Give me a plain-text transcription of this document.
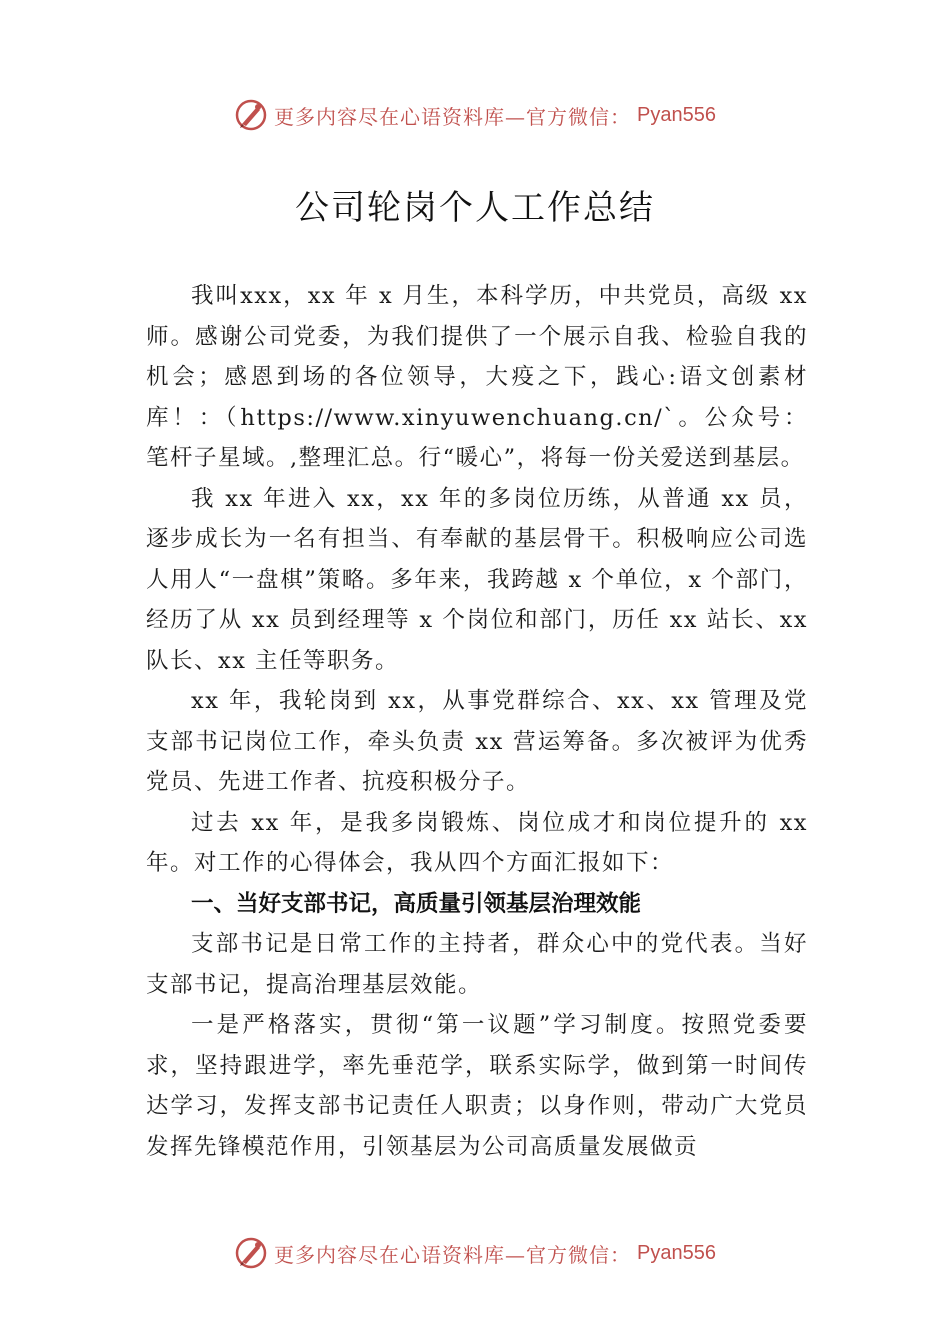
更多内容尽在心语资料库—官方微信： Pyan556
公司轮岗个人工作总结

我叫xxx，xx 年 x 月生，本科学历，中共党员，高级 xx 师。感谢公司党委，为我们提供了一个展示自我、检验自我的机会；感恩到场的各位领导，大疫之下，践心:语文创素材库！：（https://www.xinyuwenchuang.cn/`。公众号：笔杆子星域。,整理汇总。行“暖心”，将每一份关爱送到基层。

我 xx 年进入 xx，xx 年的多岗位历练，从普通 xx 员，逐步成长为一名有担当、有奉献的基层骨干。积极响应公司选人用人“一盘棋”策略。多年来，我跨越 x 个单位，x 个部门，经历了从 xx 员到经理等 x 个岗位和部门，历任 xx 站长、xx 队长、xx 主任等职务。

xx 年，我轮岗到 xx，从事党群综合、xx、xx 管理及党支部书记岗位工作，牵头负责 xx 营运筹备。多次被评为优秀党员、先进工作者、抗疫积极分子。

过去 xx 年，是我多岗锻炼、岗位成才和岗位提升的 xx 年。对工作的心得体会，我从四个方面汇报如下：

一、当好支部书记，高质量引领基层治理效能

支部书记是日常工作的主持者，群众心中的党代表。当好支部书记，提高治理基层效能。

一是严格落实，贯彻“第一议题”学习制度。按照党委要求，坚持跟进学，率先垂范学，联系实际学，做到第一时间传达学习，发挥支部书记责任人职责；以身作则，带动广大党员发挥先锋模范作用，引领基层为公司高质量发展做贡

更多内容尽在心语资料库—官方微信： Pyan556
